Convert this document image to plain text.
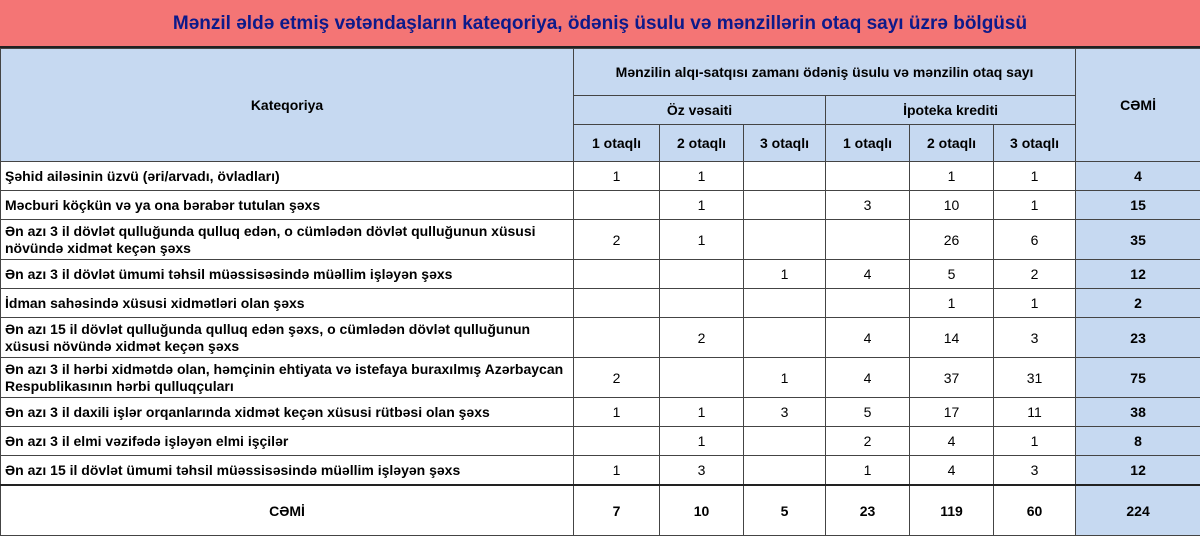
Mənzil əldə etmiş vətəndaşların kateqoriya, ödəniş üsulu və mənzillərin otaq sayı üzrə bölgüsü
Kateqoriya	Mənzilin alqı-satqısı zamanı ödəniş üsulu və mənzilin otaq sayı						CƏMİ
	Öz vəsaiti			İpoteka krediti			
	1 otaqlı	2 otaqlı	3 otaqlı	1 otaqlı	2 otaqlı	3 otaqlı	
Şəhid ailəsinin üzvü (əri/arvadı, övladları)	1	1			1	1	4
Məcburi köçkün və ya ona bərabər tutulan şəxs		1		3	10	1	15
Ən azı 3 il dövlət qulluğunda qulluq edən, o cümlədən dövlət qulluğunun xüsusi növündə xidmət keçən şəxs	2	1			26	6	35
Ən azı 3 il dövlət ümumi təhsil müəssisəsində müəllim işləyən şəxs			1	4	5	2	12
İdman sahəsində xüsusi xidmətləri olan şəxs					1	1	2
Ən azı 15 il dövlət qulluğunda qulluq edən şəxs, o cümlədən dövlət qulluğunun xüsusi növündə xidmət keçən şəxs		2		4	14	3	23
Ən azı 3 il hərbi xidmətdə olan, həmçinin ehtiyata və istefaya buraxılmış Azərbaycan Respublikasının hərbi qulluqçuları	2		1	4	37	31	75
Ən azı 3 il daxili işlər orqanlarında xidmət keçən xüsusi rütbəsi olan şəxs	1	1	3	5	17	11	38
Ən azı 3 il elmi vəzifədə işləyən elmi işçilər		1		2	4	1	8
Ən azı 15 il dövlət ümumi təhsil müəssisəsində müəllim işləyən şəxs	1	3		1	4	3	12
CƏMİ	7	10	5	23	119	60	224
